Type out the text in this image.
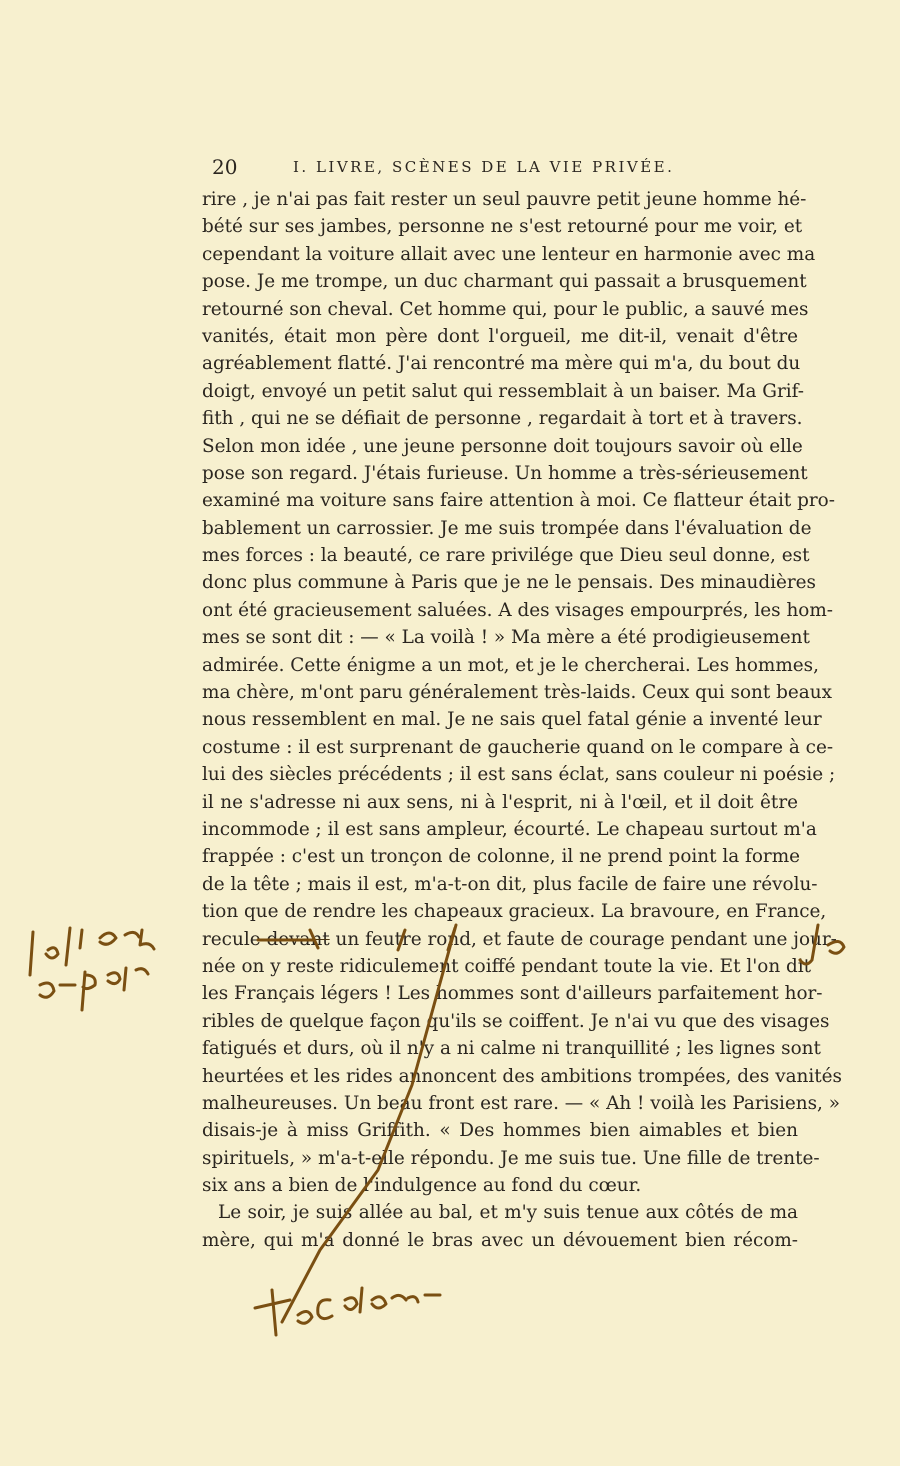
20	I. LIVRE, SCÈNES DE LA VIE PRIVÉE.
rire , je n'ai pas fait rester un seul pauvre petit jeune homme hé-
bété sur ses jambes, personne ne s'est retourné pour me voir, et
cependant la voiture allait avec une lenteur en harmonie avec ma
pose. Je me trompe, un duc charmant qui passait a brusquement
retourné son cheval. Cet homme qui, pour le public, a sauvé mes
vanités, était mon père dont l'orgueil, me dit-il, venait d'être
agréablement flatté. J'ai rencontré ma mère qui m'a, du bout du
doigt, envoyé un petit salut qui ressemblait à un baiser. Ma Grif-
fith , qui ne se défiait de personne , regardait à tort et à travers.
Selon mon idée , une jeune personne doit toujours savoir où elle
pose son regard. J'étais furieuse. Un homme a très-sérieusement
examiné ma voiture sans faire attention à moi. Ce flatteur était pro-
bablement un carrossier. Je me suis trompée dans l'évaluation de
mes forces : la beauté, ce rare privilége que Dieu seul donne, est
donc plus commune à Paris que je ne le pensais. Des minaudières
ont été gracieusement saluées. A des visages empourprés, les hom-
mes se sont dit : — « La voilà ! » Ma mère a été prodigieusement
admirée. Cette énigme a un mot, et je le chercherai. Les hommes,
ma chère, m'ont paru généralement très-laids. Ceux qui sont beaux
nous ressemblent en mal. Je ne sais quel fatal génie a inventé leur
costume : il est surprenant de gaucherie quand on le compare à ce-
lui des siècles précédents ; il est sans éclat, sans couleur ni poésie ;
il ne s'adresse ni aux sens, ni à l'esprit, ni à l'œil, et il doit être
incommode ; il est sans ampleur, écourté. Le chapeau surtout m'a
frappée : c'est un tronçon de colonne, il ne prend point la forme
de la tête ; mais il est, m'a-t-on dit, plus facile de faire une révolu-
tion que de rendre les chapeaux gracieux. La bravoure, en France,
recule devant un feutre rond, et faute de courage pendant une jour-
née on y reste ridiculement coiffé pendant toute la vie. Et l'on dit
les Français légers ! Les hommes sont d'ailleurs parfaitement hor-
ribles de quelque façon qu'ils se coiffent. Je n'ai vu que des visages
fatigués et durs, où il n'y a ni calme ni tranquillité ; les lignes sont
heurtées et les rides annoncent des ambitions trompées, des vanités
malheureuses. Un beau front est rare. — « Ah ! voilà les Parisiens, »
disais-je à miss Griffith. « Des hommes bien aimables et bien
spirituels, » m'a-t-elle répondu. Je me suis tue. Une fille de trente-
six ans a bien de l'indulgence au fond du cœur.
Le soir, je suis allée au bal, et m'y suis tenue aux côtés de ma
mère, qui m'a donné le bras avec un dévouement bien récom-
